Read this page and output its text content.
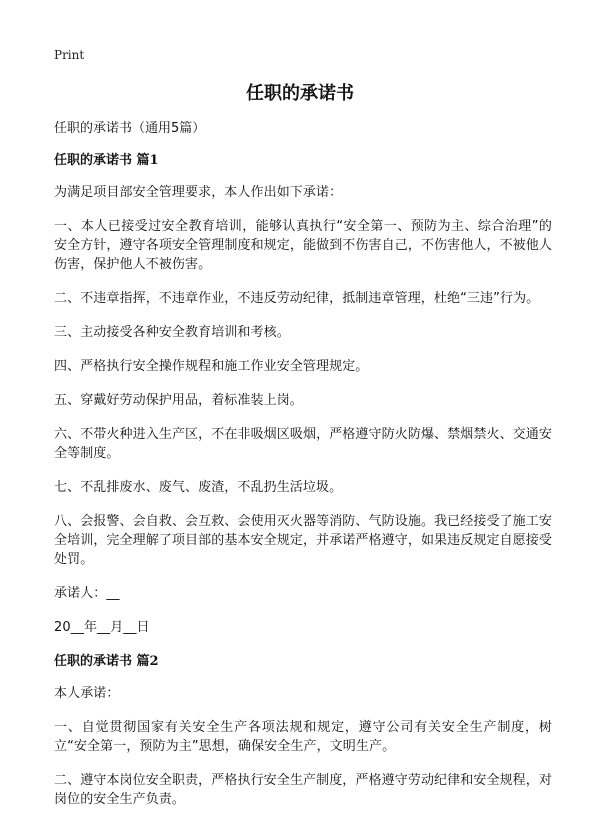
Print
任职的承诺书

任职的承诺书（通用5篇）

任职的承诺书 篇1

为满足项目部安全管理要求，本人作出如下承诺：

一、本人已接受过安全教育培训，能够认真执行“安全第一、预防为主、综合治理”的安全方针，遵守各项安全管理制度和规定，能做到不伤害自己，不伤害他人，不被他人伤害，保护他人不被伤害。

二、不违章指挥，不违章作业，不违反劳动纪律，抵制违章管理，杜绝“三违”行为。

三、主动接受各种安全教育培训和考核。

四、严格执行安全操作规程和施工作业安全管理规定。

五、穿戴好劳动保护用品，着标准装上岗。

六、不带火种进入生产区，不在非吸烟区吸烟，严格遵守防火防爆、禁烟禁火、交通安全等制度。

七、不乱排废水、废气、废渣，不乱扔生活垃圾。

八、会报警、会自救、会互救、会使用灭火器等消防、气防设施。我已经接受了施工安全培训，完全理解了项目部的基本安全规定，并承诺严格遵守，如果违反规定自愿接受处罚。

承诺人：__

20__年__月__日

任职的承诺书 篇2

本人承诺：

一、自觉贯彻国家有关安全生产各项法规和规定，遵守公司有关安全生产制度，树立“安全第一，预防为主”思想，确保安全生产，文明生产。

二、遵守本岗位安全职责，严格执行安全生产制度，严格遵守劳动纪律和安全规程，对岗位的安全生产负责。
